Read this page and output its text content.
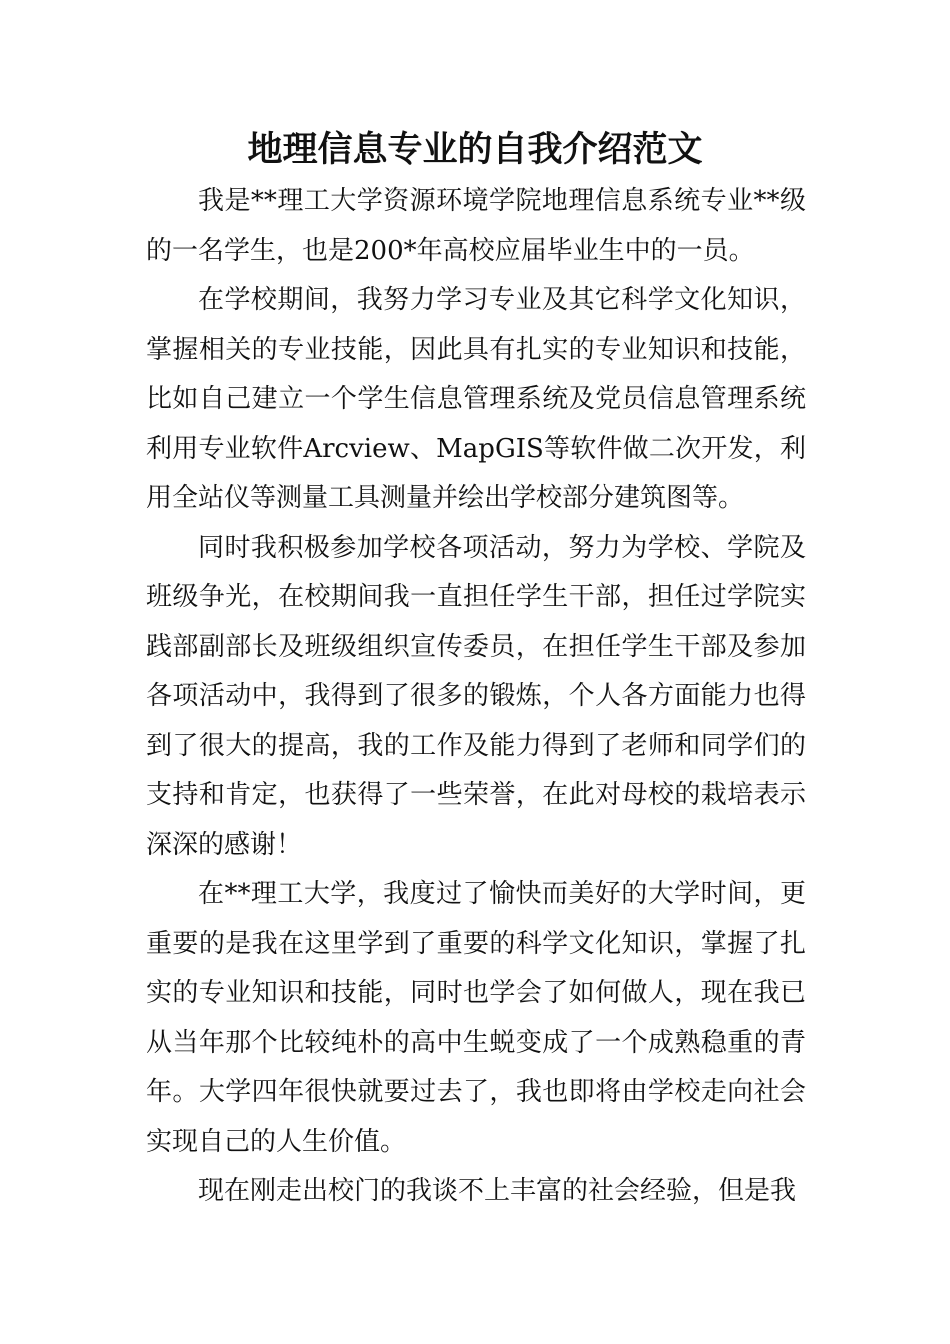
地理信息专业的自我介绍范文

我是**理工大学资源环境学院地理信息系统专业**级的一名学生，也是200*年高校应届毕业生中的一员。

在学校期间，我努力学习专业及其它科学文化知识，掌握相关的专业技能，因此具有扎实的专业知识和技能，比如自己建立一个学生信息管理系统及党员信息管理系统利用专业软件Arcview、MapGIS等软件做二次开发，利用全站仪等测量工具测量并绘出学校部分建筑图等。

同时我积极参加学校各项活动，努力为学校、学院及班级争光，在校期间我一直担任学生干部，担任过学院实践部副部长及班级组织宣传委员，在担任学生干部及参加各项活动中，我得到了很多的锻炼，个人各方面能力也得到了很大的提高，我的工作及能力得到了老师和同学们的支持和肯定，也获得了一些荣誉，在此对母校的栽培表示深深的感谢！

在**理工大学，我度过了愉快而美好的大学时间，更重要的是我在这里学到了重要的科学文化知识，掌握了扎实的专业知识和技能，同时也学会了如何做人，现在我已从当年那个比较纯朴的高中生蜕变成了一个成熟稳重的青年。大学四年很快就要过去了，我也即将由学校走向社会实现自己的人生价值。

现在刚走出校门的我谈不上丰富的社会经验，但是我
